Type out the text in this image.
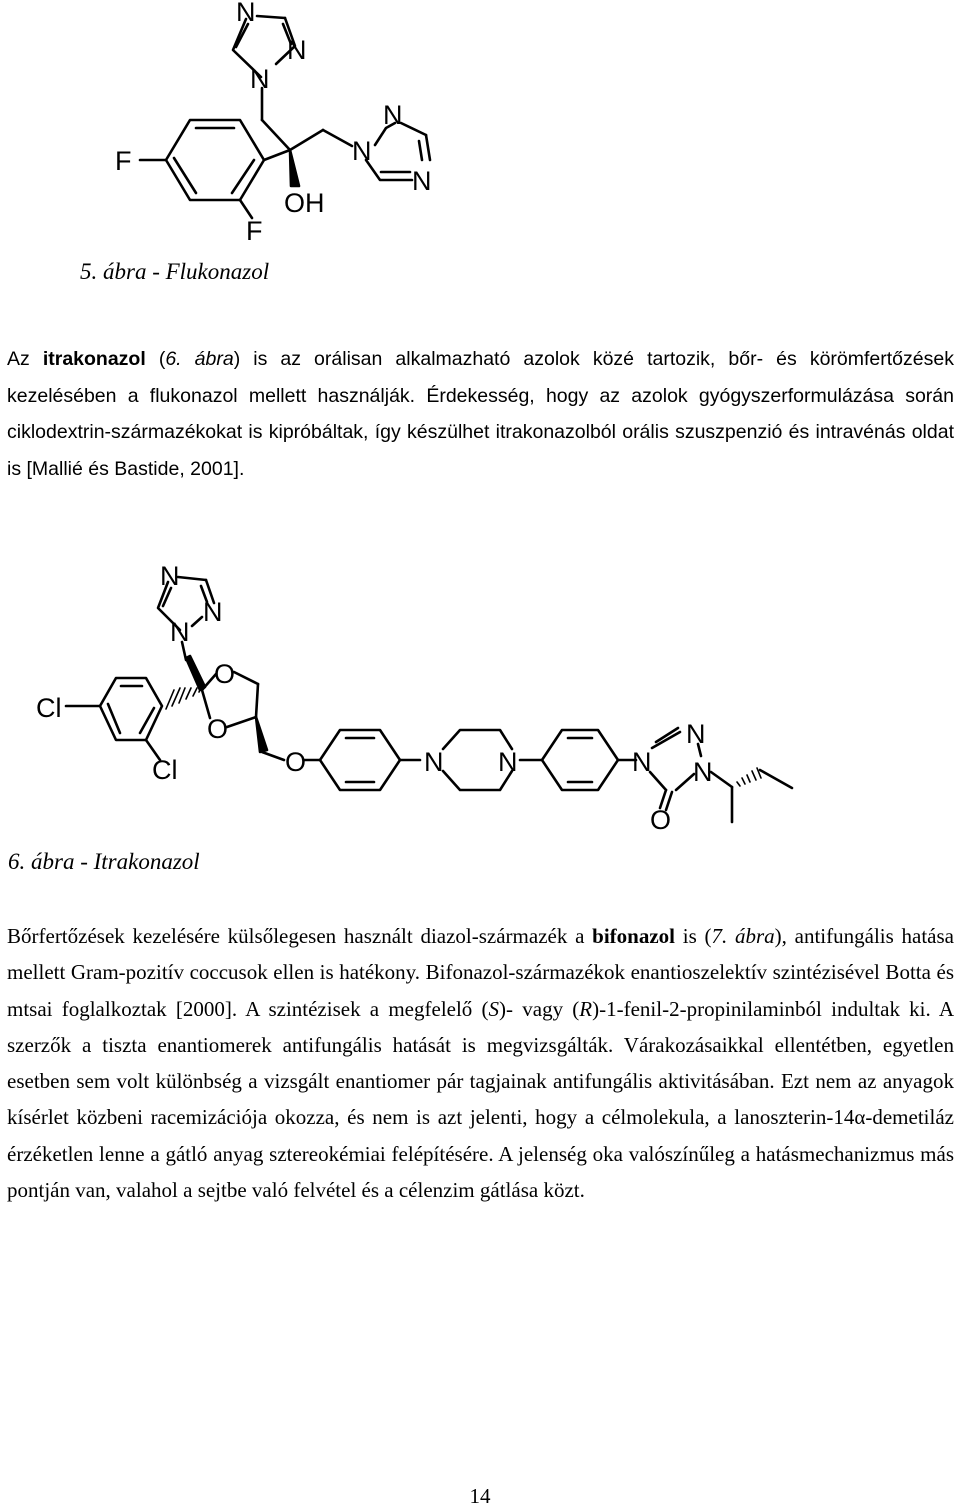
N
N
N
N
N
N
F
F
OH
5. ábra - Flukonazol

Az itrakonazol (6. ábra) is az orálisan alkalmazható azolok közé tartozik, bőr- és körömfertőzések kezelésében a flukonazol mellett használják. Érdekesség, hogy az azolok gyógyszerformulázása során ciklodextrin-származékokat is kipróbáltak, így készülhet itrakonazolból orális szuszpenzió és intravénás oldat is [Mallié és Bastide, 2001].

N
N
N
O
O
O	N N	N
N
N
O
Cl
Cl
6. ábra - Itrakonazol

Bőrfertőzések kezelésére külsőlegesen használt diazol-származék a bifonazol is (7. ábra), antifungális hatása mellett Gram-pozitív coccusok ellen is hatékony. Bifonazol-származékok enantioszelektív szintézisével Botta és mtsai foglalkoztak [2000]. A szintézisek a megfelelő (S)- vagy (R)-1-fenil-2-propinilaminból indultak ki. A szerzők a tiszta enantiomerek antifungális hatását is megvizsgálták. Várakozásaikkal ellentétben, egyetlen esetben sem volt különbség a vizsgált enantiomer pár tagjainak antifungális aktivitásában. Ezt nem az anyagok kísérlet közbeni racemizációja okozza, és nem is azt jelenti, hogy a célmolekula, a lanoszterin-14α-demetiláz érzéketlen lenne a gátló anyag sztereokémiai felépítésére. A jelenség oka valószínűleg a hatásmechanizmus más pontján van, valahol a sejtbe való felvétel és a célenzim gátlása közt.

14
